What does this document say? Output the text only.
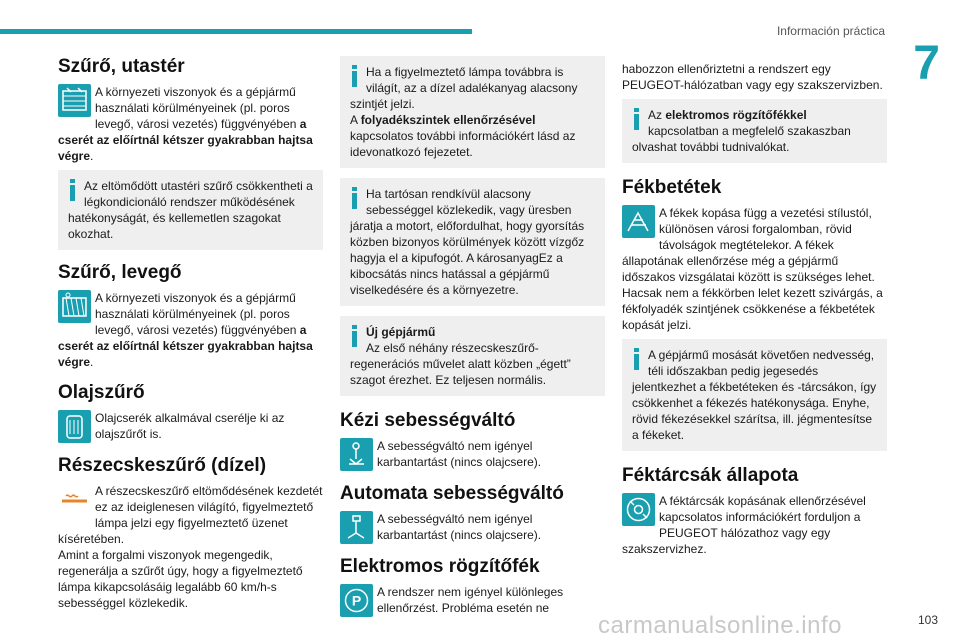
Información práctica
7
103
carmanualsonline.info
Szűrő, utastér
A környezeti viszonyok és a gépjármű használati körülményeinek (pl. poros levegő, városi vezetés) függvényében a cserét az előírtnál kétszer gyakrabban hajtsa végre.
Az eltömődött utastéri szűrő csökkentheti a légkondicionáló rendszer működésének hatékonyságát, és kellemetlen szagokat okozhat.
Szűrő, levegő
A környezeti viszonyok és a gépjármű használati körülményeinek (pl. poros levegő, városi vezetés) függvényében a cserét az előírtnál kétszer gyakrabban hajtsa végre.
Olajszűrő
Olajcserék alkalmával cserélje ki az olajszűrőt is.
Részecskeszűrő (dízel)
A részecskeszűrő eltömődésének kezdetét ez az ideiglenesen világító, figyelmeztető lámpa jelzi egy figyelmeztető üzenet kíséretében.
Amint a forgalmi viszonyok megengedik, regenerálja a szűrőt úgy, hogy a figyelmeztető lámpa kikapcsolásáig legalább 60 km/h-s sebességgel közlekedik.
Ha a figyelmeztető lámpa továbbra is világít, az a dízel adalékanyag alacsony szintjét jelzi.
A folyadékszintek ellenőrzésével kapcsolatos további információkért lásd az idevonatkozó fejezetet.
Ha tartósan rendkívül alacsony sebességgel közlekedik, vagy üresben járatja a motort, előfordulhat, hogy gyorsítás közben bizonyos körülmények között vízgőz hagyja el a kipufogót. A károsanyagEz a kibocsátás nincs hatással a gépjármű viselkedésére és a környezetre.
Új gépjármű
Az első néhány részecskeszűrő-regenerációs művelet alatt közben „égett” szagot érezhet. Ez teljesen normális.
Kézi sebességváltó
A sebességváltó nem igényel karbantartást (nincs olajcsere).
Automata sebességváltó
A sebességváltó nem igényel karbantartást (nincs olajcsere).
Elektromos rögzítőfék
P
A rendszer nem igényel különleges ellenőrzést. Probléma esetén ne
habozzon ellenőriztetni a rendszert egy PEUGEOT-hálózatban vagy egy szakszervizben.
Az elektromos rögzítőfékkel kapcsolatban a megfelelő szakaszban olvashat további tudnivalókat.
Fékbetétek
A fékek kopása függ a vezetési stílustól, különösen városi forgalomban, rövid távolságok megtételekor. A fékek állapotának ellenőrzése még a gépjármű időszakos vizsgálatai között is szükséges lehet.
Hacsak nem a fékkörben lelet kezett szivárgás, a fékfolyadék szintjének csökkenése a fékbetétek kopását jelzi.
A gépjármű mosását követően nedvesség, téli időszakban pedig jegesedés jelentkezhet a fékbetéteken és -tárcsákon, így csökkenhet a fékezés hatékonysága. Enyhe, rövid fékezésekkel szárítsa, ill. jégmentesítse a fékeket.
Féktárcsák állapota
A féktárcsák kopásának ellenőrzésével kapcsolatos információkért forduljon a PEUGEOT hálózathoz vagy egy szakszervizhez.
